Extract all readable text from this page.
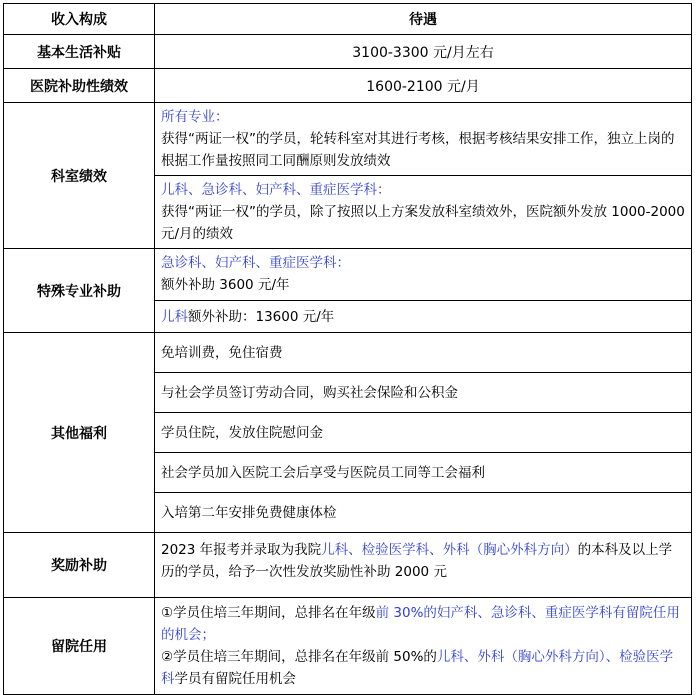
收入构成	待遇
基本生活补贴	3100-3300 元/月左右
医院补助性绩效	1600-2100 元/月
科室绩效	所有专业：
获得“两证一权”的学员，轮转科室对其进行考核，根据考核结果安排工作，独立上岗的根据工作量按照同工同酬原则发放绩效
儿科、急诊科、妇产科、重症医学科：
获得“两证一权”的学员，除了按照以上方案发放科室绩效外，医院额外发放 1000-2000 元/月的绩效

特殊专业补助	急诊科、妇产科、重症医学科：
额外补助 3600 元/年
儿科 额外补助：13600 元/年

其他福利	免培训费，免住宿费
与社会学员签订劳动合同，购买社会保险和公积金
学员住院，发放住院慰问金
社会学员加入医院工会后享受与医院员工同等工会福利
入培第二年安排免费健康体检

奖励补助	2023 年报考并录取为我院儿科、检验医学科、外科（胸心外科方向）的本科及以上学历的学员，给予一次性发放奖励性补助 2000 元

留院任用	①学员住培三年期间，总排名在年级前 30%的妇产科、急诊科、重症医学科有留院任用的机会；
②学员住培三年期间，总排名在年级前 50%的儿科、外科（胸心外科方向）、检验医学科学员有留院任用机会
